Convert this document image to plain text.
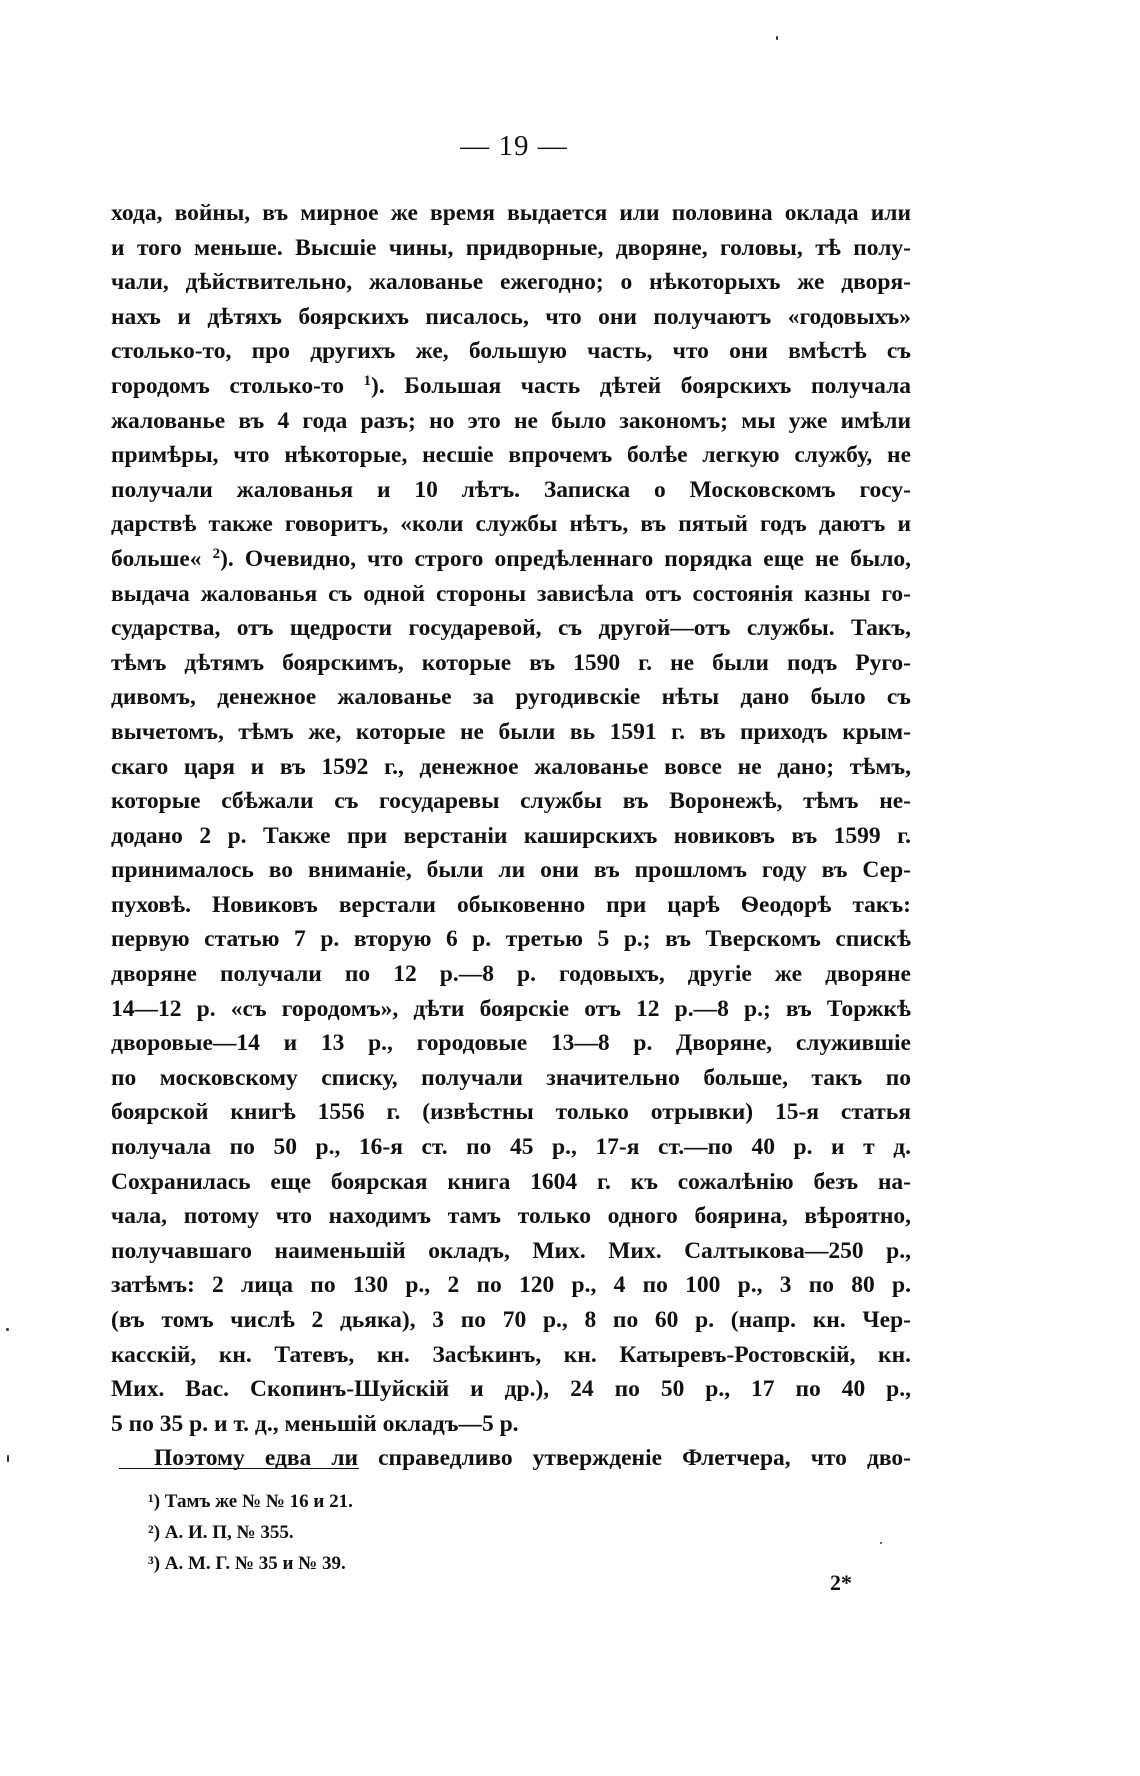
— 19 —
хода, войны, въ мирное же время выдается или половина оклада или
и того меньше. Высшіе чины, придворные, дворяне, головы, тѣ полу-
чали, дѣйствительно, жалованье ежегодно; о нѣкоторыхъ же дворя-
нахъ и дѣтяхъ боярскихъ писалось, что они получаютъ «годовыхъ»
столько-то, про другихъ же, большую часть, что они вмѣстѣ съ
городомъ столько-то $^1$). Большая часть дѣтей боярскихъ получала
жалованье въ 4 года разъ; но это не было закономъ; мы уже имѣли
примѣры, что нѣкоторые, несшіе впрочемъ болѣе легкую службу, не
получали жалованья и 10 лѣтъ. Записка о Московскомъ госу-
дарствѣ также говоритъ, «коли службы нѣтъ, въ пятый годъ даютъ и
больше« $^2$). Очевидно, что строго опредѣленнаго порядка еще не было,
выдача жалованья съ одной стороны зависѣла отъ состоянія казны го-
сударства, отъ щедрости государевой, съ другой—отъ службы. Такъ,
тѣмъ дѣтямъ боярскимъ, которые въ 1590 г. не были подъ Руго-
дивомъ, денежное жалованье за ругодивскіе нѣты дано было съ
вычетомъ, тѣмъ же, которые не были вь 1591 г. въ приходъ крым-
скаго царя и въ 1592 г., денежное жалованье вовсе не дано; тѣмъ,
которые сбѣжали съ государевы службы въ Воронежѣ, тѣмъ не-
додано 2 р. Также при верстаніи каширскихъ новиковъ въ 1599 г.
принималось во вниманіе, были ли они въ прошломъ году въ Сер-
пуховѣ. Новиковъ верстали обыковенно при царѣ Ѳеодорѣ такъ:
первую статью 7 р. вторую 6 р. третью 5 р.; въ Тверскомъ спискѣ
дворяне получали по 12 р.—8 р. годовыхъ, другіе же дворяне
14—12 р. «съ городомъ», дѣти боярскіе отъ 12 р.—8 р.; въ Торжкѣ
дворовые—14 и 13 р., городовые 13—8 р. Дворяне, служившіе
по московскому списку, получали значительно больше, такъ по
боярской книгѣ 1556 г. (извѣстны только отрывки) 15-я статья
получала по 50 р., 16-я ст. по 45 р., 17-я ст.—по 40 р. и т д.
Сохранилась еще боярская книга 1604 г. къ сожалѣнію безъ на-
чала, потому что находимъ тамъ только одного боярина, вѣроятно,
получавшаго наименьшій окладъ, Мих. Мих. Салтыкова—250 р.,
затѣмъ: 2 лица по 130 р., 2 по 120 р., 4 по 100 р., 3 по 80 р.
(въ томъ числѣ 2 дьяка), 3 по 70 р., 8 по 60 р. (напр. кн. Чер-
касскій, кн. Татевъ, кн. Засѣкинъ, кн. Катыревъ-Ростовскій, кн.
Мих. Вас. Скопинъ-Шуйскій и др.), 24 по 50 р., 17 по 40 р.,
5 по 35 р. и т. д., меньшій окладъ—5 р.
Поэтому едва ли справедливо утвержденіе Флетчера, что дво-
¹) Тамъ же № № 16 и 21.
²) А. И. П, № 355.
³) А. М. Г. № 35 и № 39.
2*
